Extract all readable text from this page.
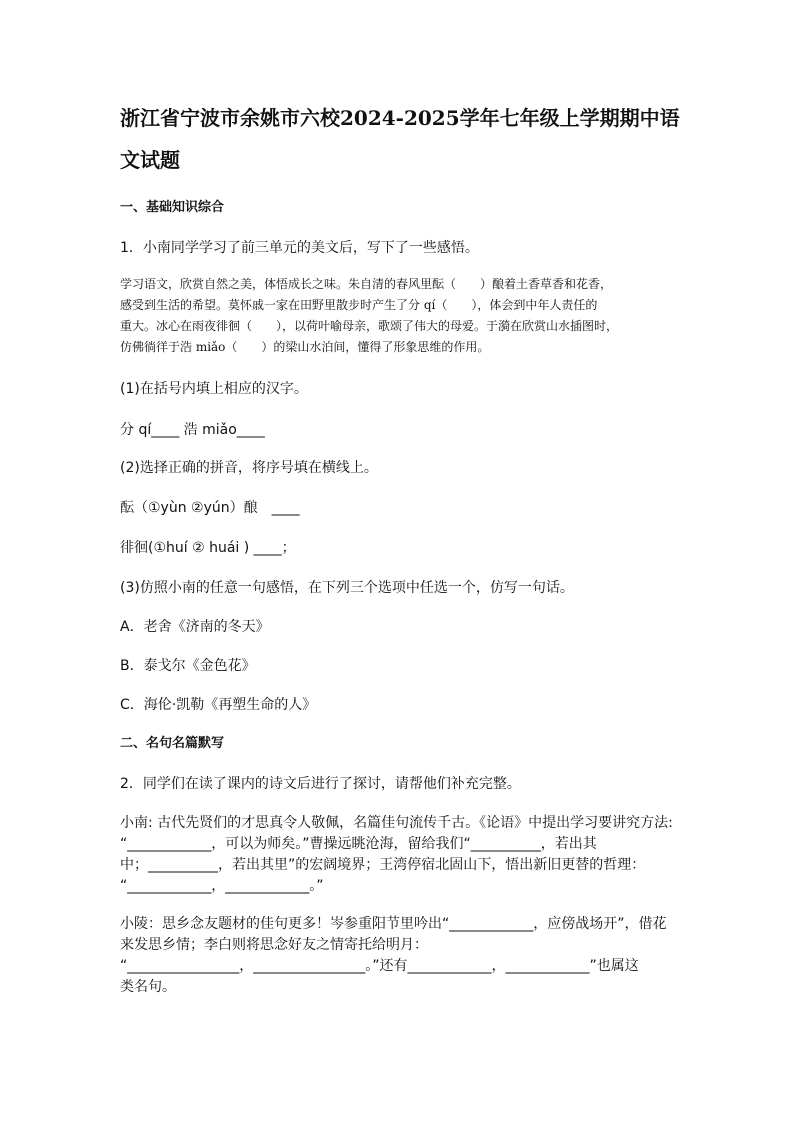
浙江省宁波市余姚市六校2024-2025学年七年级上学期期中语
文试题
一、基础知识综合
1．小南同学学习了前三单元的美文后，写下了一些感悟。
学习语文，欣赏自然之美，体悟成长之味。朱自清的春风里酝（　　）酿着土香草香和花香，
感受到生活的希望。莫怀戚一家在田野里散步时产生了分 qí（　　），体会到中年人责任的
重大。冰心在雨夜徘徊（　　），以荷叶喻母亲，歌颂了伟大的母爱。于漪在欣赏山水插图时，
仿佛徜徉于浩 miǎo（　　）的梁山水泊间，懂得了形象思维的作用。
(1)在括号内填上相应的汉字。
分 qí____ 浩 miǎo____
(2)选择正确的拼音，将序号填在横线上。
酝（①yùn ②yún）酿　____
徘徊(①huí ② huái ) ____；
(3)仿照小南的任意一句感悟，在下列三个选项中任选一个，仿写一句话。
A．老舍《济南的冬天》
B．泰戈尔《金色花》
C．海伦·凯勒《再塑生命的人》
二、名句名篇默写
2．同学们在读了课内的诗文后进行了探讨，请帮他们补充完整。
小南: 古代先贤们的才思真令人敬佩，名篇佳句流传千古。《论语》中提出学习要讲究方法:
“____________，可以为师矣。”曹操远眺沧海，留给我们“__________，若出其
中；__________，若出其里”的宏阔境界；王湾停宿北固山下，悟出新旧更替的哲理：
“____________，____________。”
小陵：思乡念友题材的佳句更多！岑参重阳节里吟出“____________，应傍战场开”，借花
来发思乡情；李白则将思念好友之情寄托给明月：
“________________，________________。”还有____________，____________”也属这
类名句。
